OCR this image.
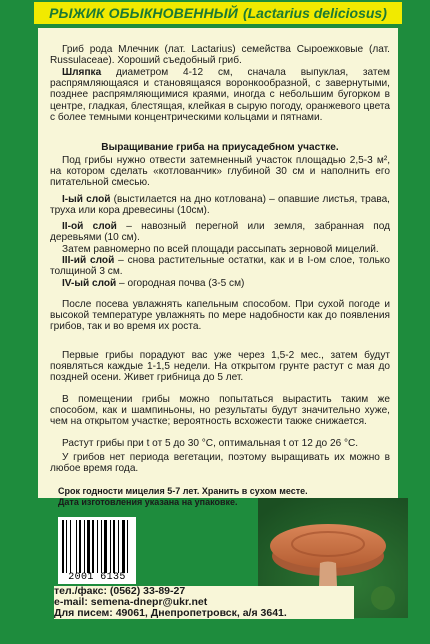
РЫЖИК ОБЫКНОВЕННЫЙ (Lactarius deliciosus)
Гриб рода Млечник (лат. Lactarius) семейства Сыроежковые (лат. Russulaceae). Хороший съедобный гриб.
Шляпка диаметром 4-12 см, сначала выпуклая, затем распрямляющаяся и становящаяся воронкообразной, с завернутыми, позднее распрямляющимися краями, иногда с небольшим бугорком в центре, гладкая, блестящая, клейкая в сырую погоду, оранжевого цвета с более темными концентрическими кольцами и пятнами.
Выращивание гриба на приусадебном участке.
Под грибы нужно отвести затемненный участок площадью 2,5-3 м², на котором сделать «котлованчик» глубиной 30 см и наполнить его питательной смесью.
I-ый слой (выстилается на дно котлована) – опавшие листья, трава, труха или кора древесины (10см).
II-ой слой – навозный перегной или земля, забранная под деревьями (10 см).
Затем равномерно по всей площади рассыпать зерновой мицелий.
III-ий слой – снова растительные остатки, как и в I-ом слое, только толщиной 3 см.
IV-ый слой – огородная почва (3-5 см)
После посева увлажнять капельным способом. При сухой погоде и высокой температуре увлажнять по мере надобности как до появления грибов, так и во время их роста.
Первые грибы порадуют вас уже через 1,5-2 мес., затем будут появляться каждые 1-1,5 недели. На открытом грунте растут с мая до поздней осени. Живет грибница до 5 лет.
В помещении грибы можно попытаться вырастить таким же способом, как и шампиньоны, но результаты будут значительно хуже, чем на открытом участке; вероятность всхожести также снижается.
Растут грибы при t от 5 до 30 °С, оптимальная t от 12 до 26 °С.
У грибов нет периода вегетации, поэтому выращивать их можно в любое время года.
Срок годности мицелия 5-7 лет. Хранить в сухом месте.
Дата изготовления указана на упаковке.
2001 6135
тел./факс: (0562) 33-89-27
e-mail: semena-dnepr@ukr.net
Для писем: 49061, Днепропетровск, а/я 3641.
